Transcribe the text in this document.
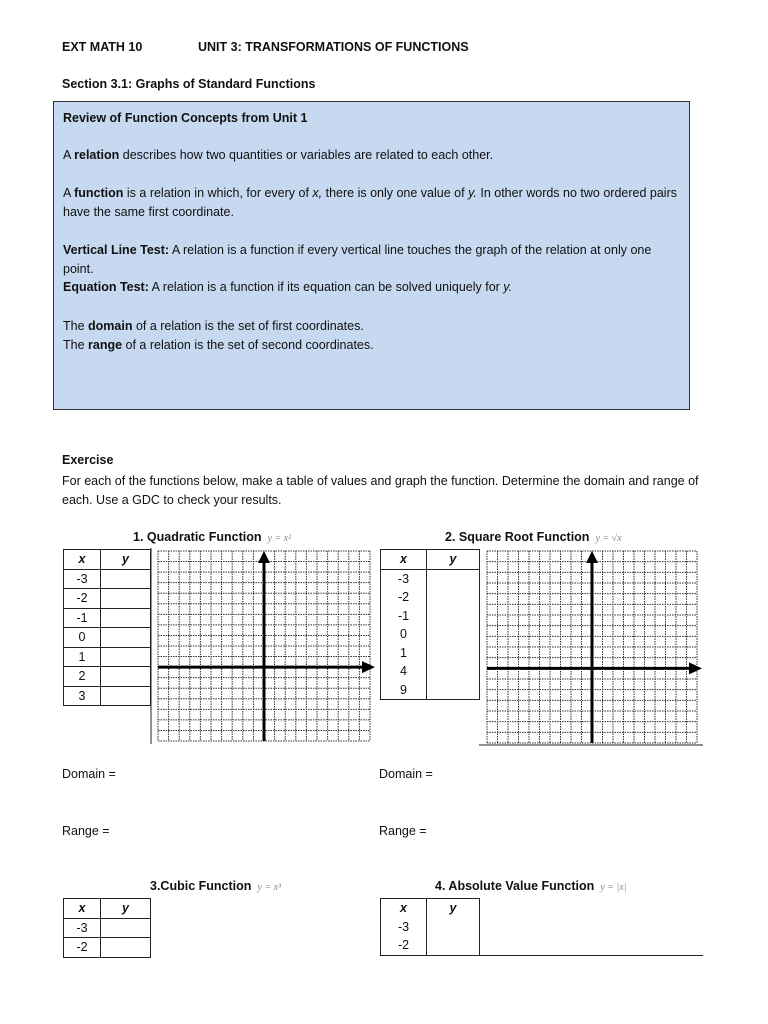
EXT MATH 10	UNIT 3: TRANSFORMATIONS OF FUNCTIONS
Section 3.1: Graphs of Standard Functions

Review of Function Concepts from Unit 1

A relation describes how two quantities or variables are related to each other.

A function is a relation in which, for every of x, there is only one value of y. In other words no two ordered pairs have the same first coordinate.

Vertical Line Test: A relation is a function if every vertical line touches the graph of the relation at only one point.

Equation Test: A relation is a function if its equation can be solved uniquely for y.

The domain of a relation is the set of first coordinates.

The range of a relation is the set of second coordinates.

Exercise
For each of the functions below, make a table of values and graph the function. Determine the domain and range of each. Use a GDC to check your results.
1. Quadratic Function y = x²
x	y
-3	
-2	
-1	
0	
1	
2	
3	
2. Square Root Function y = √x
x	y
-3	
-2	
-1	
0	
1	
4	
9	
Domain =	Domain =
Range =	Range =
3.Cubic Function y = x³
x	y
-3	
-2	
4. Absolute Value Function y = |x|
x	y
-3	
-2	
